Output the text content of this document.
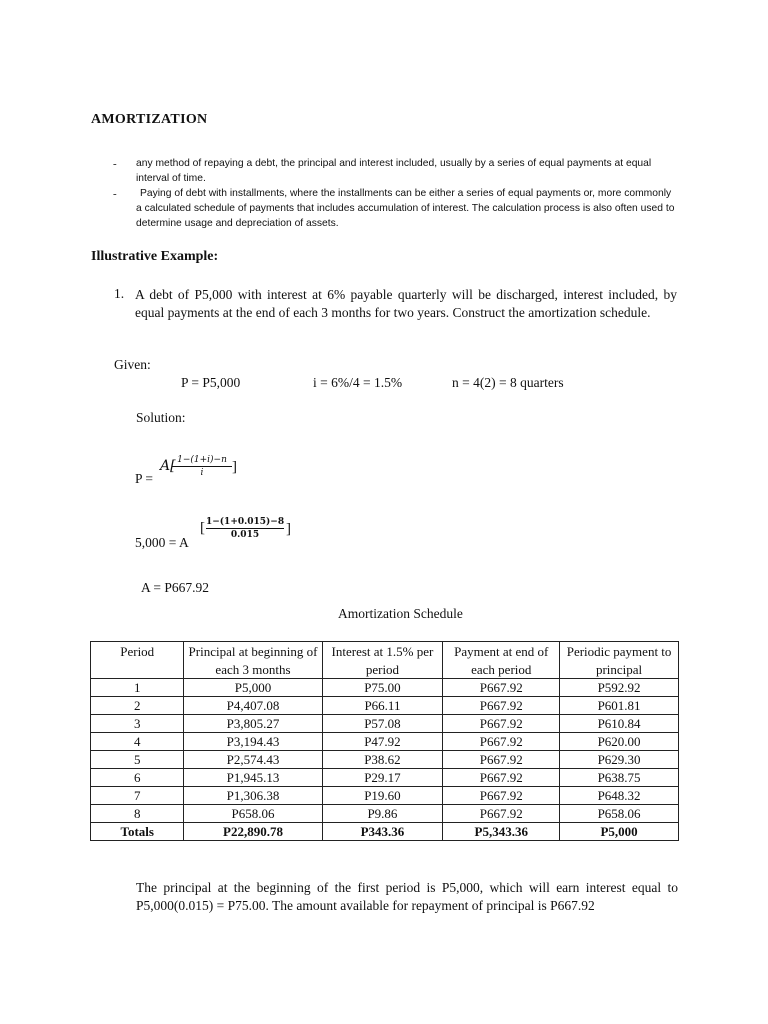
AMORTIZATION
- any method of repaying a debt, the principal and interest included, usually by a series of equal payments at equal interval of time.
-	Paying of debt with installments, where the installments can be either a series of equal payments or, more commonly a calculated schedule of payments that includes accumulation of interest. The calculation process is also often used to determine usage and depreciation of assets.
Illustrative Example:
1. A debt of P5,000 with interest at 6% payable quarterly will be discharged, interest included, by equal payments at the end of each 3 months for two years. Construct the amortization schedule.
Given:
P = P5,000	i = 6%/4 = 1.5%	n = 4(2) = 8 quarters
Solution:
P =
A[
$\frac{1-(1+i)-n}{i}$ ]
5,000 = A
[ $\frac{1-(1+0.015)-8}{0.015}$ ]
A = P667.92
Amortization Schedule
Period	Principal at beginning of each 3 months	Interest at 1.5% per period	Payment at end of each period	Periodic payment to principal
1	P5,000	P75.00	P667.92	P592.92
2	P4,407.08	P66.11	P667.92	P601.81
3	P3,805.27	P57.08	P667.92	P610.84
4	P3,194.43	P47.92	P667.92	P620.00
5	P2,574.43	P38.62	P667.92	P629.30
6	P1,945.13	P29.17	P667.92	P638.75
7	P1,306.38	P19.60	P667.92	P648.32
8	P658.06	P9.86	P667.92	P658.06
Totals	P22,890.78	P343.36	P5,343.36	P5,000
The principal at the beginning of the first period is P5,000, which will earn interest equal to P5,000(0.015) = P75.00. The amount available for repayment of principal is P667.92
